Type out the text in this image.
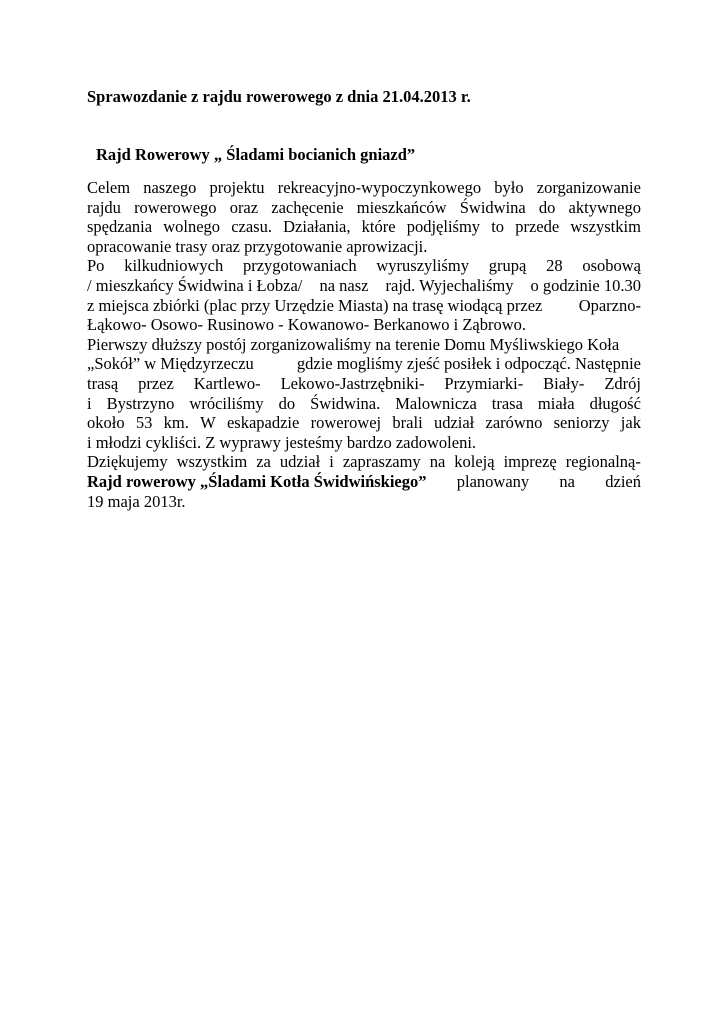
Sprawozdanie z rajdu rowerowego z dnia 21.04.2013 r.
Rajd Rowerowy „ Śladami bocianich gniazd”
Celem naszego projektu rekreacyjno-wypoczynkowego było zorganizowanie
rajdu rowerowego oraz zachęcenie mieszkańców Świdwina do aktywnego
spędzania wolnego czasu. Działania, które podjęliśmy to przede wszystkim
opracowanie trasy oraz przygotowanie aprowizacji.
Po kilkudniowych przygotowaniach wyruszyliśmy grupą 28 osobową
/ mieszkańcy Świdwina i Łobza/ na nasz rajd. Wyjechaliśmy o godzinie 10.30
z miejsca zbiórki (plac przy Urzędzie Miasta) na trasę wiodącą przez Oparzno-
Łąkowo- Osowo- Rusinowo - Kowanowo- Berkanowo i Ząbrowo.
Pierwszy dłuższy postój zorganizowaliśmy na terenie Domu Myśliwskiego Koła
„Sokół” w Międzyrzeczu	gdzie mogliśmy zjeść posiłek i odpocząć. Następnie
trasą przez Kartlewo- Lekowo-Jastrzębniki- Przymiarki- Biały- Zdrój
i Bystrzyno wróciliśmy do Świdwina. Malownicza trasa miała długość
około 53 km. W eskapadzie rowerowej brali udział zarówno seniorzy jak
i młodzi cykliści. Z wyprawy jesteśmy bardzo zadowoleni.
Dziękujemy wszystkim za udział i zapraszamy na koleją imprezę regionalną-
Rajd rowerowy „Śladami Kotła Świdwińskiego” planowany na dzień
19 maja 2013r.
